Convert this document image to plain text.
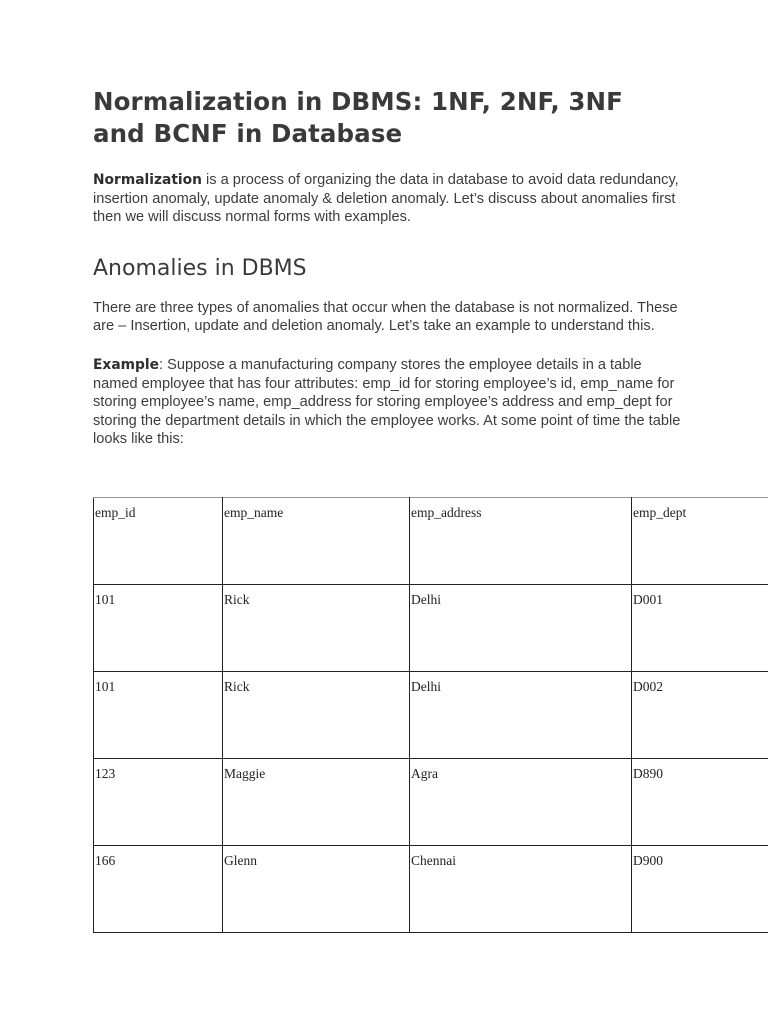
Normalization in DBMS: 1NF, 2NF, 3NF and BCNF in Database

Normalization is a process of organizing the data in database to avoid data redundancy, insertion anomaly, update anomaly & deletion anomaly. Let’s discuss about anomalies first then we will discuss normal forms with examples.

Anomalies in DBMS

There are three types of anomalies that occur when the database is not normalized. These are – Insertion, update and deletion anomaly. Let’s take an example to understand this.

Example: Suppose a manufacturing company stores the employee details in a table named employee that has four attributes: emp_id for storing employee’s id, emp_name for storing employee’s name, emp_address for storing employee’s address and emp_dept for storing the department details in which the employee works. At some point of time the table looks like this:

emp_id	emp_name	emp_address	emp_dept
101	Rick	Delhi	D001
101	Rick	Delhi	D002
123	Maggie	Agra	D890
166	Glenn	Chennai	D900
